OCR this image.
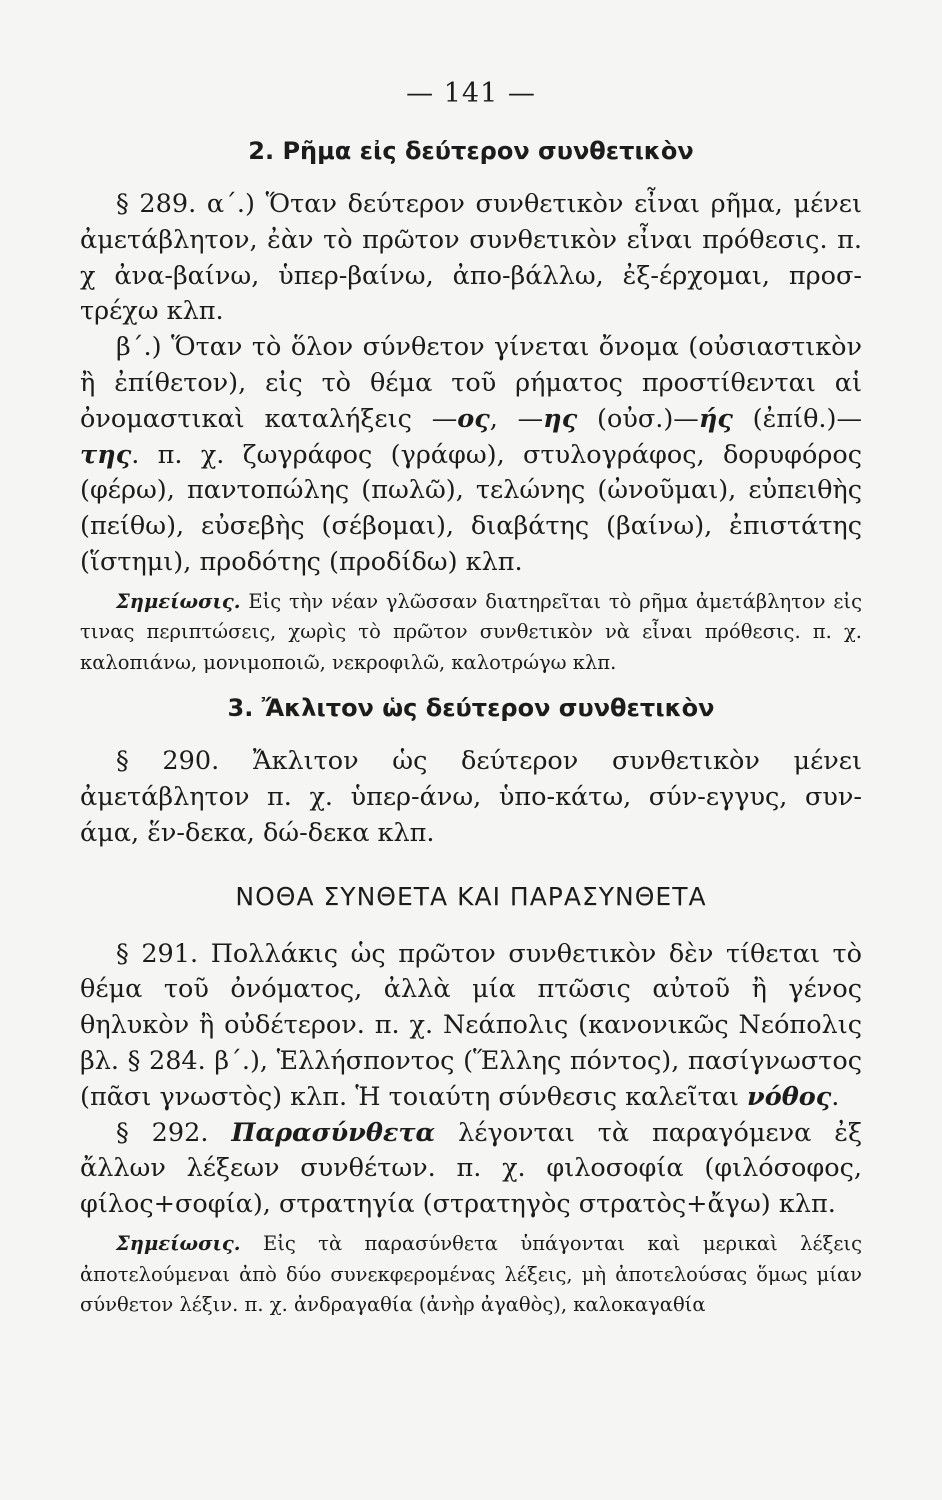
— 141 —
2. Ρῆμα εἰς δεύτερον συνθετικὸν

§ 289. α΄.) Ὅταν δεύτερον συνθετικὸν εἶναι ρῆμα, μένει ἀμετάβλητον, ἐὰν τὸ πρῶτον συνθετικὸν εἶναι πρόθεσις. π. χ ἀνα-βαίνω, ὑπερ-βαίνω, ἀπο-βάλλω, ἐξ-έρχομαι, προσ-τρέχω κλπ.

β΄.) Ὅταν τὸ ὅλον σύνθετον γίνεται ὄνομα (οὐσιαστικὸν ἢ ἐπίθετον), εἰς τὸ θέμα τοῦ ρήματος προστίθενται αἱ ὀνομαστικαὶ καταλήξεις —ος, —ης (οὐσ.)—ής (ἐπίθ.)—της. π. χ. ζωγράφος (γράφω), στυλογράφος, δορυφόρος (φέρω), παντοπώλης (πωλῶ), τελώνης (ὠνοῦμαι), εὐπειθὴς (πείθω), εὐσεβὴς (σέβομαι), διαβάτης (βαίνω), ἐπιστάτης (ἵστημι), προδότης (προδίδω) κλπ.

Σημείωσις. Εἰς τὴν νέαν γλῶσσαν διατηρεῖται τὸ ρῆμα ἀμετάβλητον εἰς τινας περιπτώσεις, χωρὶς τὸ πρῶτον συνθετικὸν νὰ εἶναι πρόθεσις. π. χ. καλοπιάνω, μονιμοποιῶ, νεκροφιλῶ, καλοτρώγω κλπ.

3. Ἄκλιτον ὡς δεύτερον συνθετικὸν

§ 290. Ἄκλιτον ὡς δεύτερον συνθετικὸν μένει ἀμετάβλητον π. χ. ὑπερ-άνω, ὑπο-κάτω, σύν-εγγυς, συν-άμα, ἕν-δεκα, δώ-δεκα κλπ.

ΝΟΘΑ ΣΥΝΘΕΤΑ ΚΑΙ ΠΑΡΑΣΥΝΘΕΤΑ

§ 291. Πολλάκις ὡς πρῶτον συνθετικὸν δὲν τίθεται τὸ θέμα τοῦ ὀνόματος, ἀλλὰ μία πτῶσις αὐτοῦ ἢ γένος θηλυκὸν ἢ οὐδέτερον. π. χ. Νεάπολις (κανονικῶς Νεόπολις βλ. § 284. β΄.), Ἑλλήσποντος (Ἕλλης πόντος), πασίγνωστος (πᾶσι γνωστὸς) κλπ. Ἡ τοιαύτη σύνθεσις καλεῖται νόθος.

§ 292. Παρασύνθετα λέγονται τὰ παραγόμενα ἐξ ἄλλων λέξεων συνθέτων. π. χ. φιλοσοφία (φιλόσοφος, φίλος+σοφία), στρατηγία (στρατηγὸς στρατὸς+ἄγω) κλπ.

Σημείωσις. Εἰς τὰ παρασύνθετα ὑπάγονται καὶ μερικαὶ λέξεις ἀποτελούμεναι ἀπὸ δύο συνεκφερομένας λέξεις, μὴ ἀποτελούσας ὅμως μίαν σύνθετον λέξιν. π. χ. ἀνδραγαθία (ἀνὴρ ἀγαθὸς), καλοκαγαθία
